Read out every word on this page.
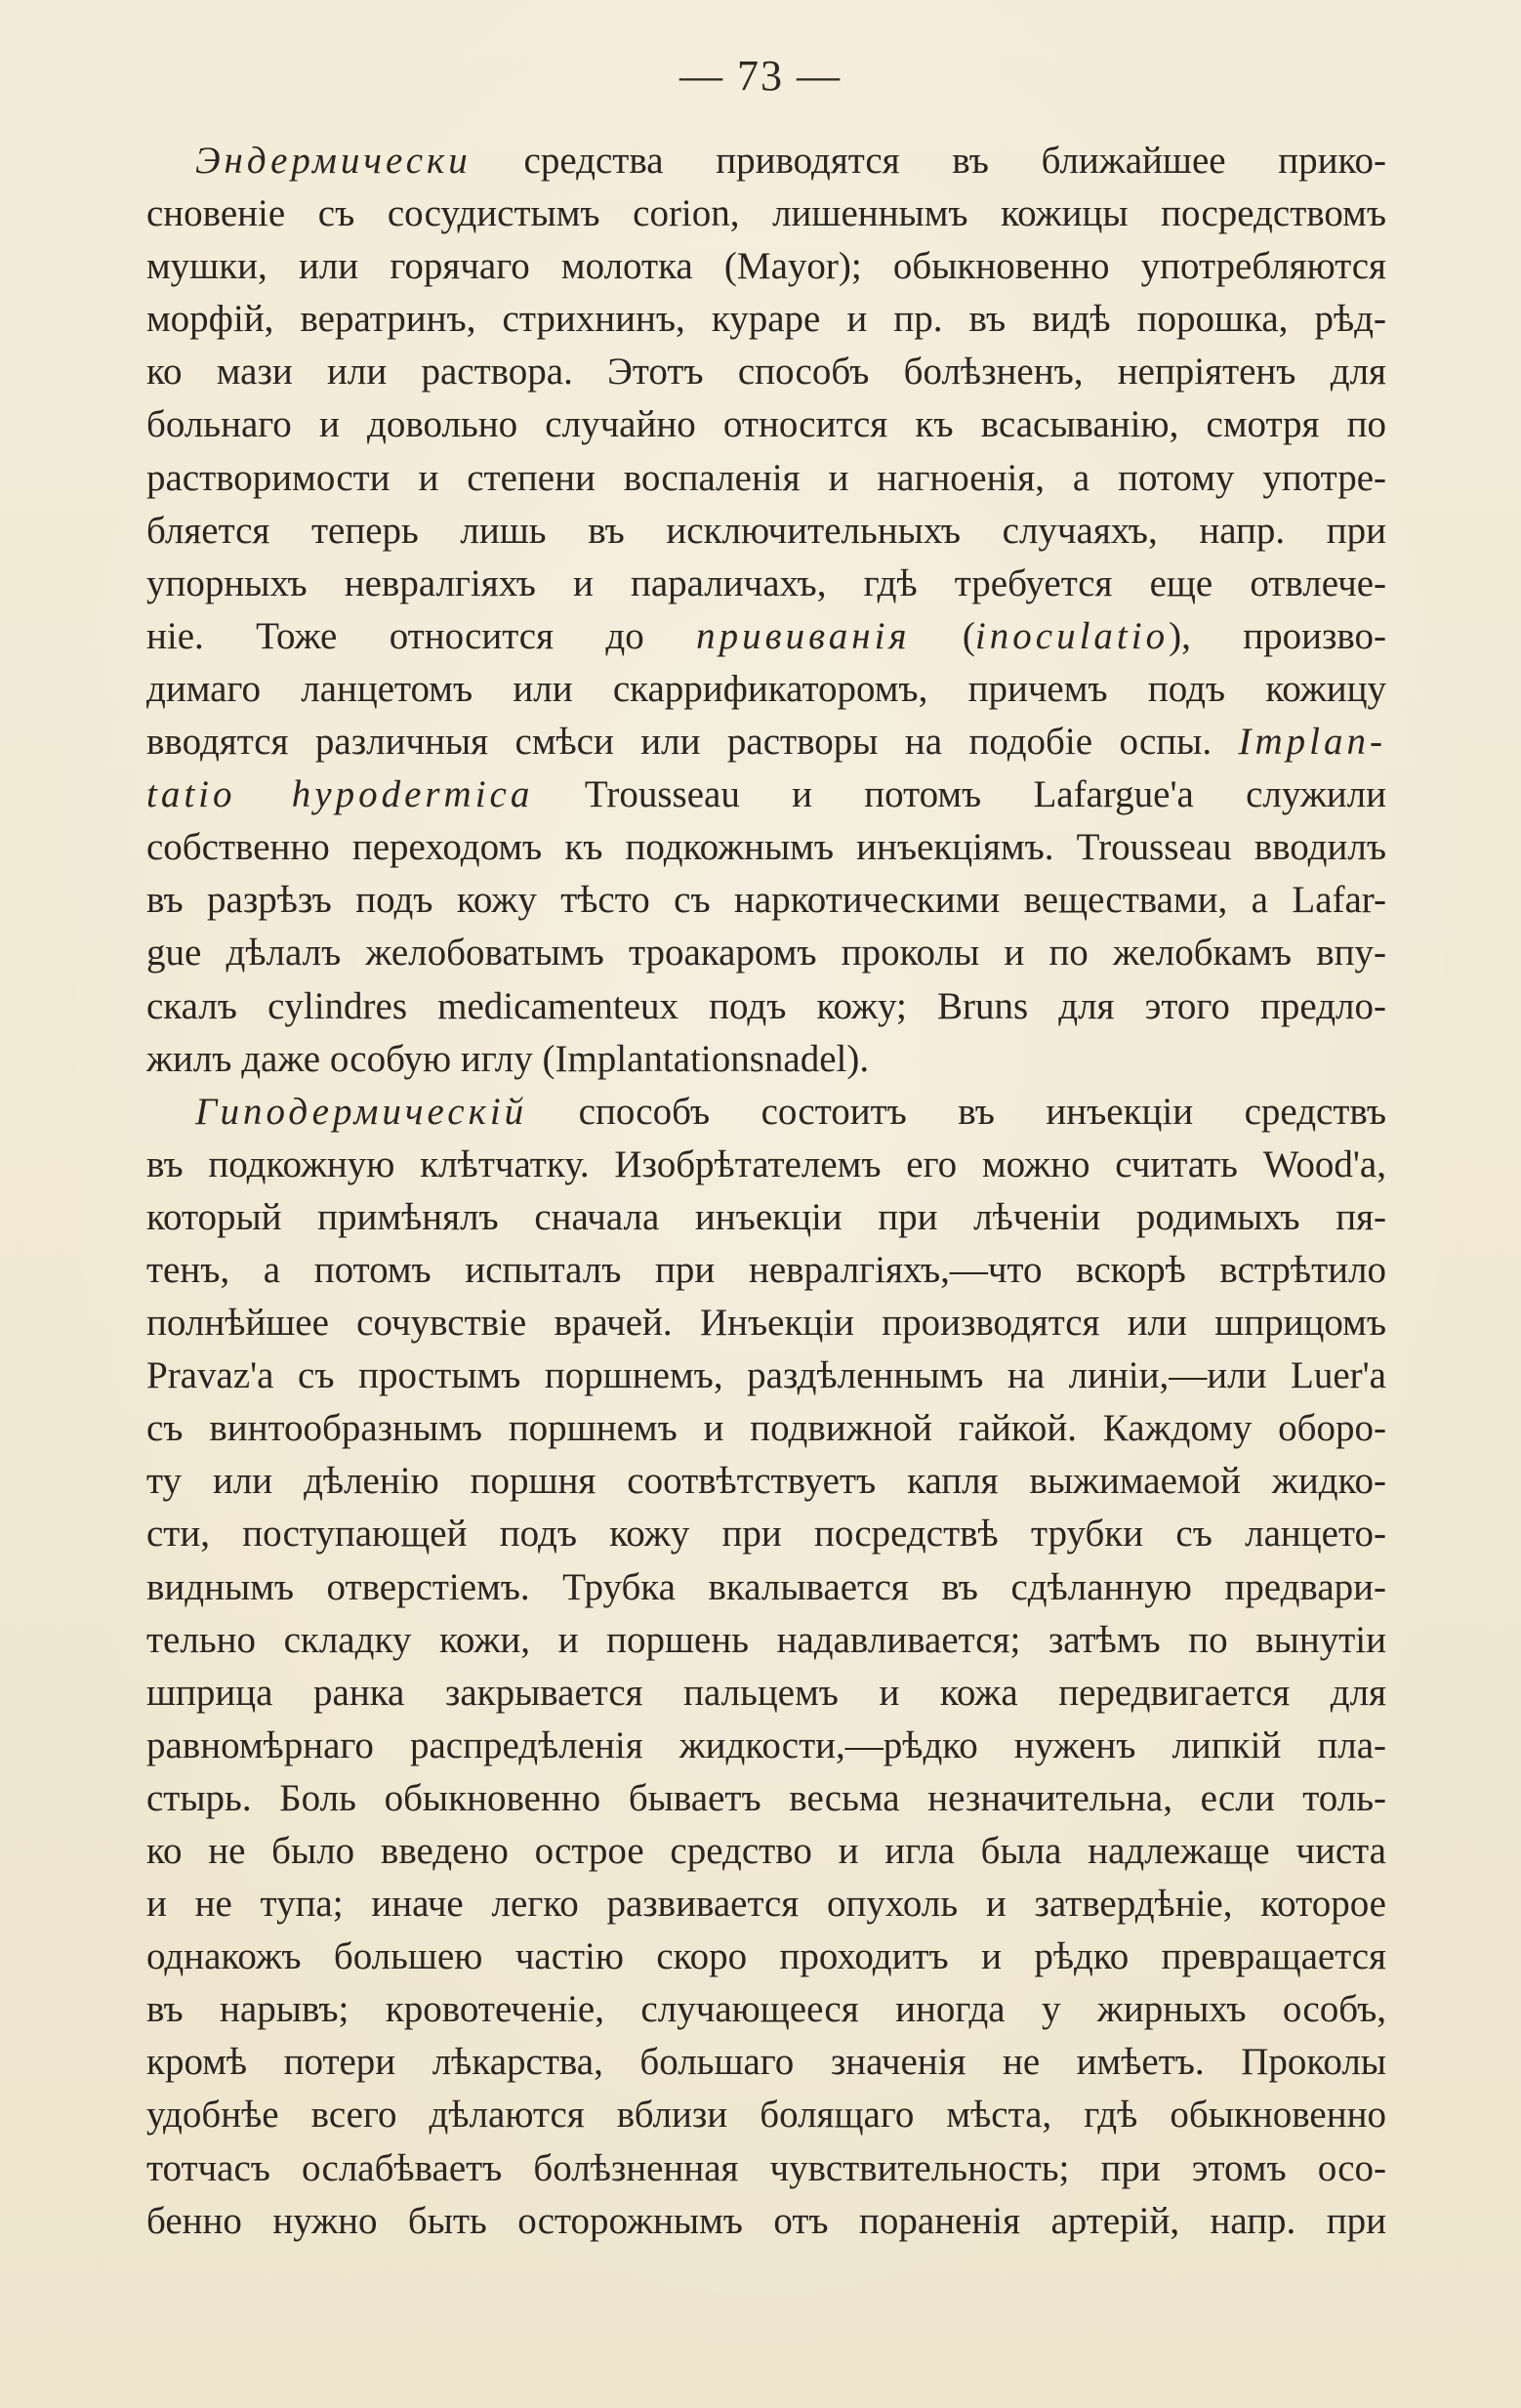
— 73 —
Эндермически средства приводятся въ ближайшее прико-
сновеніе съ сосудистымъ corion, лишеннымъ кожицы посредствомъ
мушки, или горячаго молотка (Mayor); обыкновенно употребляются
морфій, вератринъ, стрихнинъ, кураре и пр. въ видѣ порошка, рѣд-
ко мази или раствора. Этотъ способъ болѣзненъ, непріятенъ для
больнаго и довольно случайно относится къ всасыванію, смотря по
растворимости и степени воспаленія и нагноенія, а потому употре-
бляется теперь лишь въ исключительныхъ случаяхъ, напр. при
упорныхъ невралгіяхъ и параличахъ, гдѣ требуется еще отвлече-
ніе. Тоже относится до прививанія (inoculatio), произво-
димаго ланцетомъ или скаррификаторомъ, причемъ подъ кожицу
вводятся различныя смѣси или растворы на подобіе оспы. Implan-
tatio hypodermica Trousseau и потомъ Lafargue'а служили
собственно переходомъ къ подкожнымъ инъекціямъ. Trousseau вводилъ
въ разрѣзъ подъ кожу тѣсто съ наркотическими веществами, а Lafar-
gue дѣлалъ желобоватымъ троакаромъ проколы и по желобкамъ впу-
скалъ cylindres medicamenteux подъ кожу; Bruns для этого предло-
жилъ даже особую иглу (Implantationsnadel).
Гиподермическій способъ состоитъ въ инъекціи средствъ
въ подкожную клѣтчатку. Изобрѣтателемъ его можно считать Wood'а,
который примѣнялъ сначала инъекціи при лѣченіи родимыхъ пя-
тенъ, а потомъ испыталъ при невралгіяхъ,—что вскорѣ встрѣтило
полнѣйшее сочувствіе врачей. Инъекціи производятся или шприцомъ
Pravaz'а съ простымъ поршнемъ, раздѣленнымъ на линіи,—или Luer'а
съ винтообразнымъ поршнемъ и подвижной гайкой. Каждому оборо-
ту или дѣленію поршня соотвѣтствуетъ капля выжимаемой жидко-
сти, поступающей подъ кожу при посредствѣ трубки съ ланцето-
виднымъ отверстіемъ. Трубка вкалывается въ сдѣланную предвари-
тельно складку кожи, и поршень надавливается; затѣмъ по вынутіи
шприца ранка закрывается пальцемъ и кожа передвигается для
равномѣрнаго распредѣленія жидкости,—рѣдко нуженъ липкій пла-
стырь. Боль обыкновенно бываетъ весьма незначительна, если толь-
ко не было введено острое средство и игла была надлежаще чиста
и не тупа; иначе легко развивается опухоль и затвердѣніе, которое
однакожъ большею частію скоро проходитъ и рѣдко превращается
въ нарывъ; кровотеченіе, случающееся иногда у жирныхъ особъ,
кромѣ потери лѣкарства, большаго значенія не имѣетъ. Проколы
удобнѣе всего дѣлаются вблизи болящаго мѣста, гдѣ обыкновенно
тотчасъ ослабѣваетъ болѣзненная чувствительность; при этомъ осо-
бенно нужно быть осторожнымъ отъ пораненія артерій, напр. при
